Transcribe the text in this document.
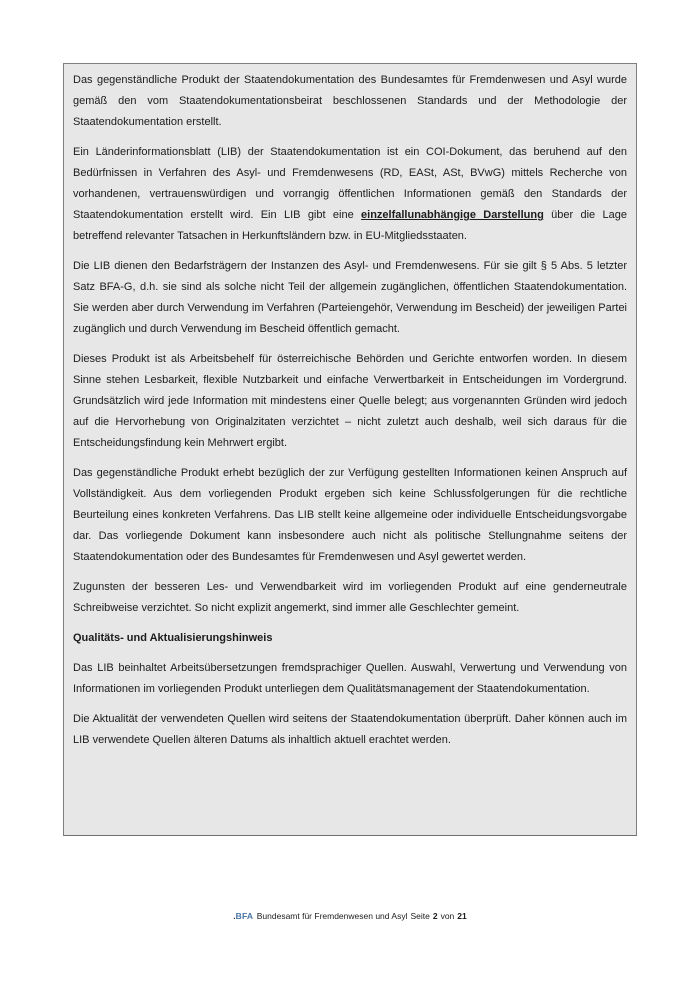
Das gegenständliche Produkt der Staatendokumentation des Bundesamtes für Fremdenwesen und Asyl wurde gemäß den vom Staatendokumentationsbeirat beschlossenen Standards und der Methodologie der Staatendokumentation erstellt.

Ein Länderinformationsblatt (LIB) der Staatendokumentation ist ein COI-Dokument, das beruhend auf den Bedürfnissen in Verfahren des Asyl- und Fremdenwesens (RD, EASt, ASt, BVwG) mittels Recherche von vorhandenen, vertrauenswürdigen und vorrangig öffentlichen Informationen gemäß den Standards der Staatendokumentation erstellt wird. Ein LIB gibt eine einzelfallunabhängige Darstellung über die Lage betreffend relevanter Tatsachen in Herkunftsländern bzw. in EU-Mitgliedsstaaten.

Die LIB dienen den Bedarfsträgern der Instanzen des Asyl- und Fremdenwesens. Für sie gilt § 5 Abs. 5 letzter Satz BFA-G, d.h. sie sind als solche nicht Teil der allgemein zugänglichen, öffentlichen Staatendokumentation. Sie werden aber durch Verwendung im Verfahren (Parteiengehör, Verwendung im Bescheid) der jeweiligen Partei zugänglich und durch Verwendung im Bescheid öffentlich gemacht.

Dieses Produkt ist als Arbeitsbehelf für österreichische Behörden und Gerichte entworfen worden. In diesem Sinne stehen Lesbarkeit, flexible Nutzbarkeit und einfache Verwertbarkeit in Entscheidungen im Vordergrund. Grundsätzlich wird jede Information mit mindestens einer Quelle belegt; aus vorgenannten Gründen wird jedoch auf die Hervorhebung von Originalzitaten verzichtet – nicht zuletzt auch deshalb, weil sich daraus für die Entscheidungsfindung kein Mehrwert ergibt.

Das gegenständliche Produkt erhebt bezüglich der zur Verfügung gestellten Informationen keinen Anspruch auf Vollständigkeit. Aus dem vorliegenden Produkt ergeben sich keine Schlussfolgerungen für die rechtliche Beurteilung eines konkreten Verfahrens. Das LIB stellt keine allgemeine oder individuelle Entscheidungsvorgabe dar. Das vorliegende Dokument kann insbesondere auch nicht als politische Stellungnahme seitens der Staatendokumentation oder des Bundesamtes für Fremdenwesen und Asyl gewertet werden.

Zugunsten der besseren Les- und Verwendbarkeit wird im vorliegenden Produkt auf eine genderneutrale Schreibweise verzichtet. So nicht explizit angemerkt, sind immer alle Geschlechter gemeint.

Qualitäts- und Aktualisierungshinweis

Das LIB beinhaltet Arbeitsübersetzungen fremdsprachiger Quellen. Auswahl, Verwertung und Verwendung von Informationen im vorliegenden Produkt unterliegen dem Qualitätsmanagement der Staatendokumentation.

Die Aktualität der verwendeten Quellen wird seitens der Staatendokumentation überprüft. Daher können auch im LIB verwendete Quellen älteren Datums als inhaltlich aktuell erachtet werden.

.BFA Bundesamt für Fremdenwesen und Asyl Seite 2 von 21
